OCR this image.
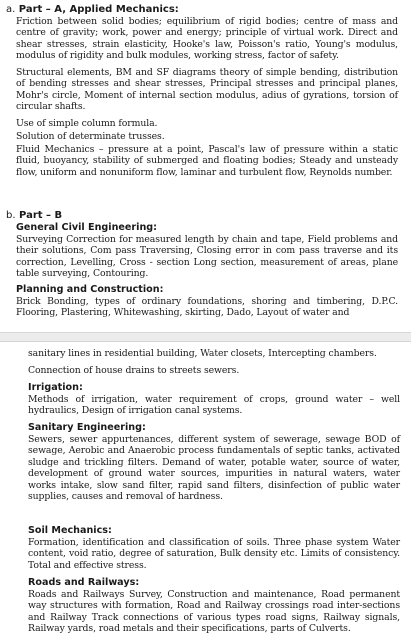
a. Part – A, Applied Mechanics:
Friction between solid bodies; equilibrium of rigid bodies; centre of mass and centre of gravity; work, power and energy; principle of virtual work. Direct and shear stresses, strain elasticity, Hooke's law, Poisson's ratio, Young's modulus, modulus of rigidity and bulk modules, working stress, factor of safety.
Structural elements, BM and SF diagrams theory of simple bending, distribution of bending stresses and shear stresses, Principal stresses and principal planes, Mohr's circle, Moment of internal section modulus, adius of gyrations, torsion of circular shafts.
Use of simple column formula.
Solution of determinate trusses.
Fluid Mechanics – pressure at a point, Pascal's law of pressure within a static fluid, buoyancy, stability of submerged and floating bodies; Steady and unsteady flow, uniform and nonuniform flow, laminar and turbulent flow, Reynolds number.
b. Part – B
General Civil Engineering:
Surveying Correction for measured length by chain and tape, Field problems and their solutions, Com pass Traversing, Closing error in com pass traverse and its correction, Levelling, Cross - section Long section, measurement of areas, plane table surveying, Contouring.
Planning and Construction:
Brick Bonding, types of ordinary foundations, shoring and timbering, D.P.C. Flooring, Plastering, Whitewashing, skirting, Dado, Layout of water and
sanitary lines in residential building, Water closets, Intercepting chambers.
Connection of house drains to streets sewers.
Irrigation:
Methods of irrigation, water requirement of crops, ground water – well hydraulics, Design of irrigation canal systems.
Sanitary Engineering:
Sewers, sewer appurtenances, different system of sewerage, sewage BOD of sewage, Aerobic and Anaerobic process fundamentals of septic tanks, activated sludge and trickling filters. Demand of water, potable water, source of water, development of ground water sources, impurities in natural waters, water works intake, slow sand filter, rapid sand filters, disinfection of public water supplies, causes and removal of hardness.
Soil Mechanics:
Formation, identification and classification of soils. Three phase system Water content, void ratio, degree of saturation, Bulk density etc. Limits of consistency. Total and effective stress.
Roads and Railways:
Roads and Railways Survey, Construction and maintenance, Road permanent way structures with formation, Road and Railway crossings road inter-sections and Railway Track connections of various types road signs, Railway signals, Railway yards, road metals and their specifications, parts of Culverts.
